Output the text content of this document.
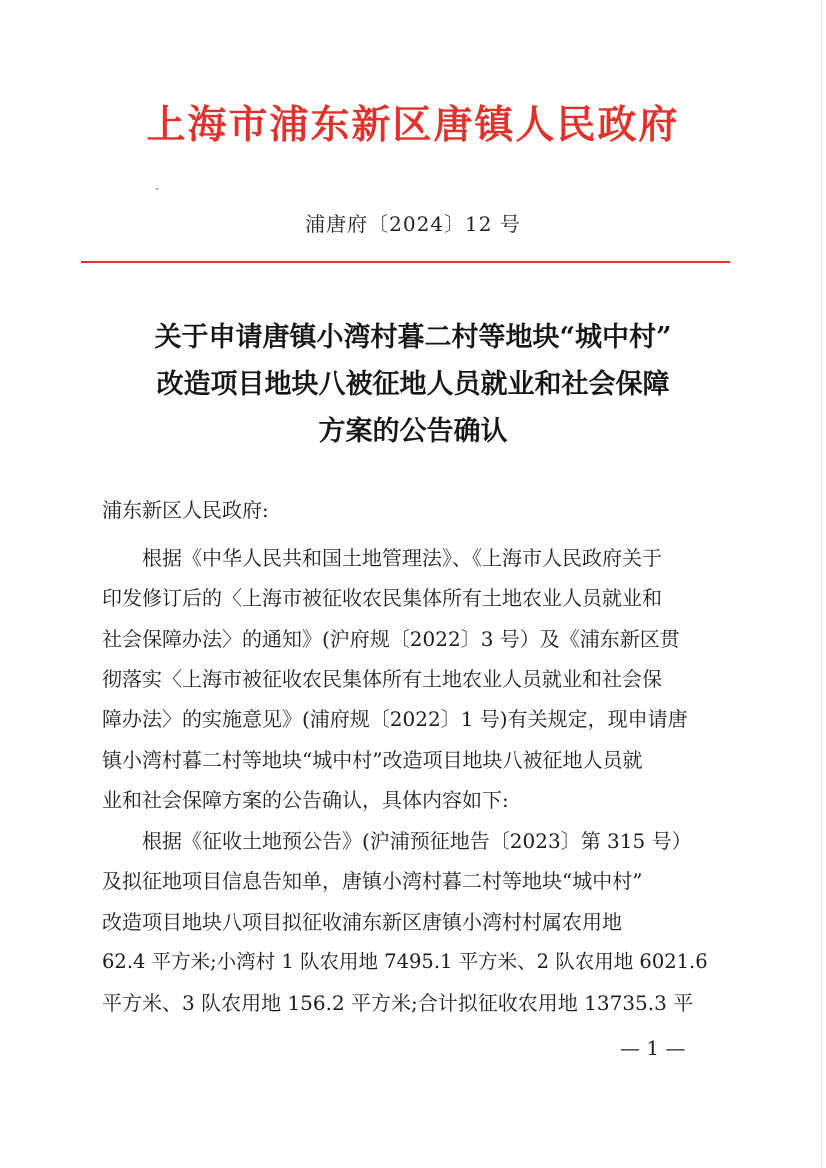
上海市浦东新区唐镇人民政府
浦唐府〔2024〕12 号
关于申请唐镇小湾村暮二村等地块“城中村”
改造项目地块八被征地人员就业和社会保障
方案的公告确认
浦东新区人民政府:
　　根据《中华人民共和国土地管理法》、《上海市人民政府关于
印发修订后的〈上海市被征收农民集体所有土地农业人员就业和
社会保障办法〉的通知》(沪府规〔2022〕3 号）及《浦东新区贯
彻落实〈上海市被征收农民集体所有土地农业人员就业和社会保
障办法〉的实施意见》(浦府规〔2022〕1 号)有关规定，现申请唐
镇小湾村暮二村等地块“城中村”改造项目地块八被征地人员就
业和社会保障方案的公告确认，具体内容如下:
　　根据《征收土地预公告》(沪浦预征地告〔2023〕第 315 号）
及拟征地项目信息告知单，唐镇小湾村暮二村等地块“城中村”
改造项目地块八项目拟征收浦东新区唐镇小湾村村属农用地
62.4 平方米;小湾村 1 队农用地 7495.1 平方米、2 队农用地 6021.6
平方米、3 队农用地 156.2 平方米;合计拟征收农用地 13735.3 平
— 1 —
